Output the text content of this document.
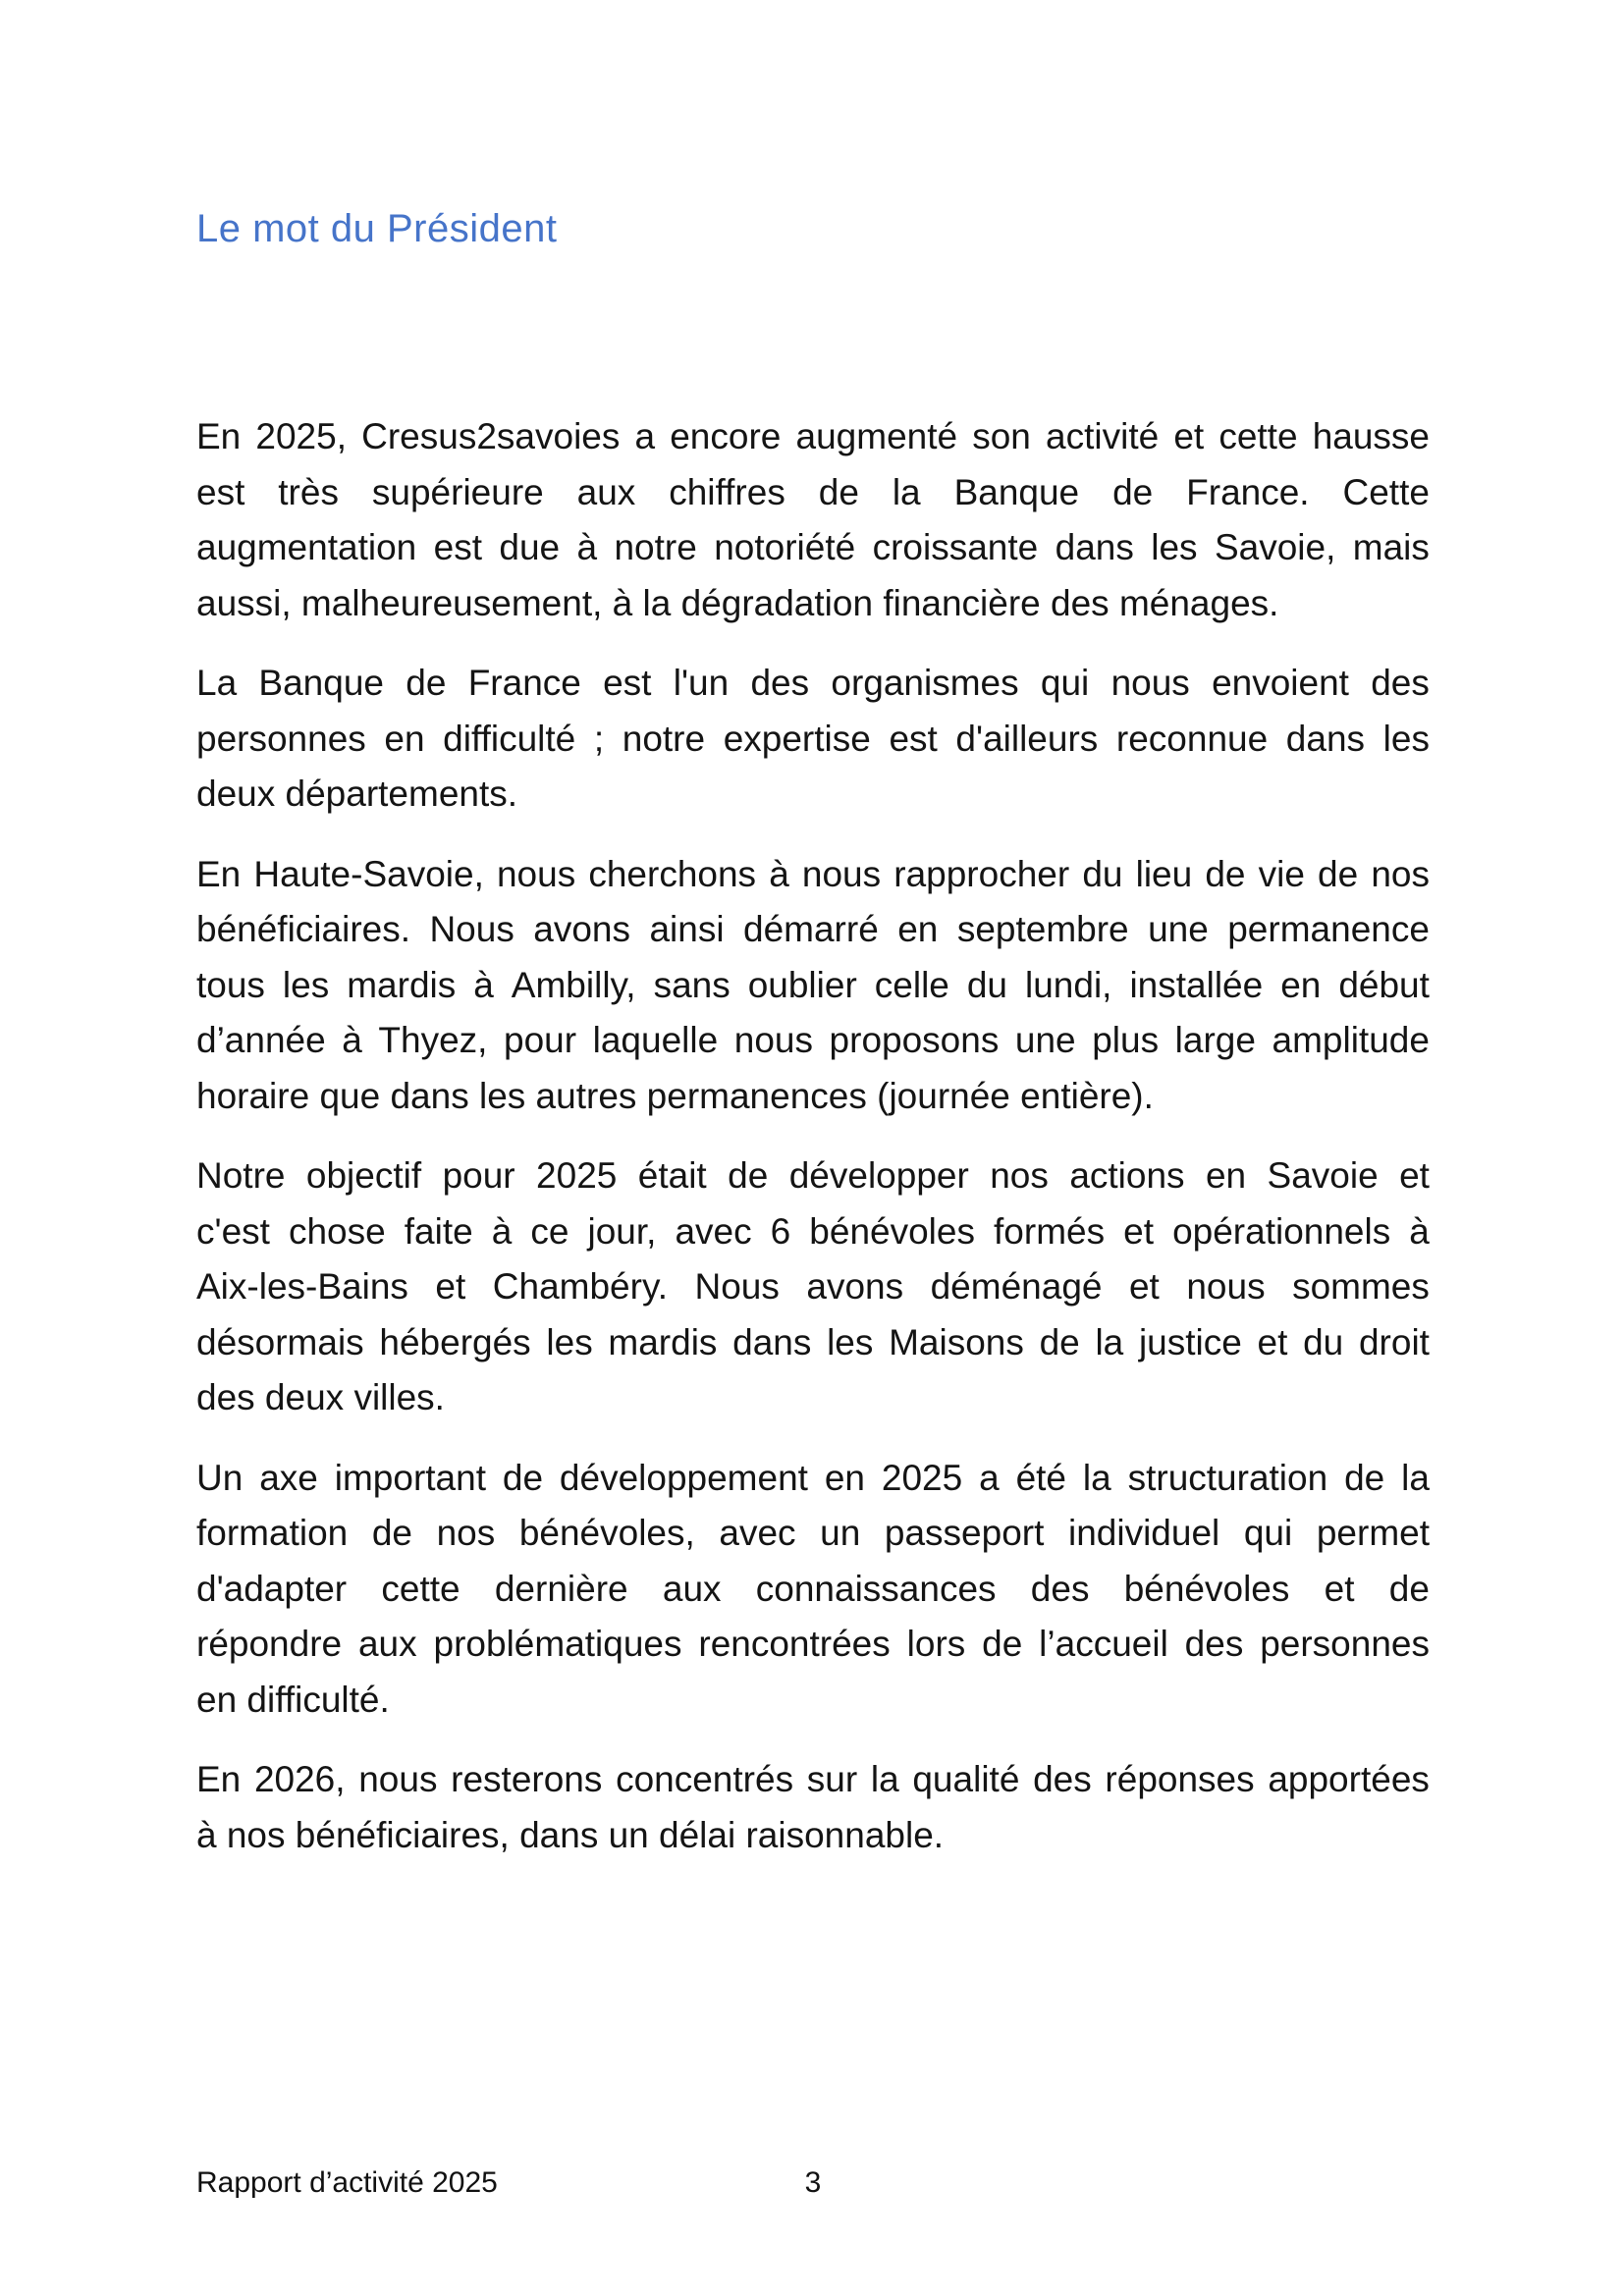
Le mot du Président
En 2025, Cresus2savoies a encore augmenté son activité et cette hausse
est très supérieure aux chiffres de la Banque de France. Cette
augmentation est due à notre notoriété croissante dans les Savoie, mais
aussi, malheureusement, à la dégradation financière des ménages.
La Banque de France est l'un des organismes qui nous envoient des
personnes en difficulté ; notre expertise est d'ailleurs reconnue dans les
deux départements.
En Haute-Savoie, nous cherchons à nous rapprocher du lieu de vie de nos
bénéficiaires. Nous avons ainsi démarré en septembre une permanence
tous les mardis à Ambilly, sans oublier celle du lundi, installée en début
d’année à Thyez, pour laquelle nous proposons une plus large amplitude
horaire que dans les autres permanences (journée entière).
Notre objectif pour 2025 était de développer nos actions en Savoie et
c'est chose faite à ce jour, avec 6 bénévoles formés et opérationnels à
Aix-les-Bains et Chambéry. Nous avons déménagé et nous sommes
désormais hébergés les mardis dans les Maisons de la justice et du droit
des deux villes.
Un axe important de développement en 2025 a été la structuration de la
formation de nos bénévoles, avec un passeport individuel qui permet
d'adapter cette dernière aux connaissances des bénévoles et de
répondre aux problématiques rencontrées lors de l’accueil des personnes
en difficulté.
En 2026, nous resterons concentrés sur la qualité des réponses apportées
à nos bénéficiaires, dans un délai raisonnable.
Rapport d’activité 2025	3
